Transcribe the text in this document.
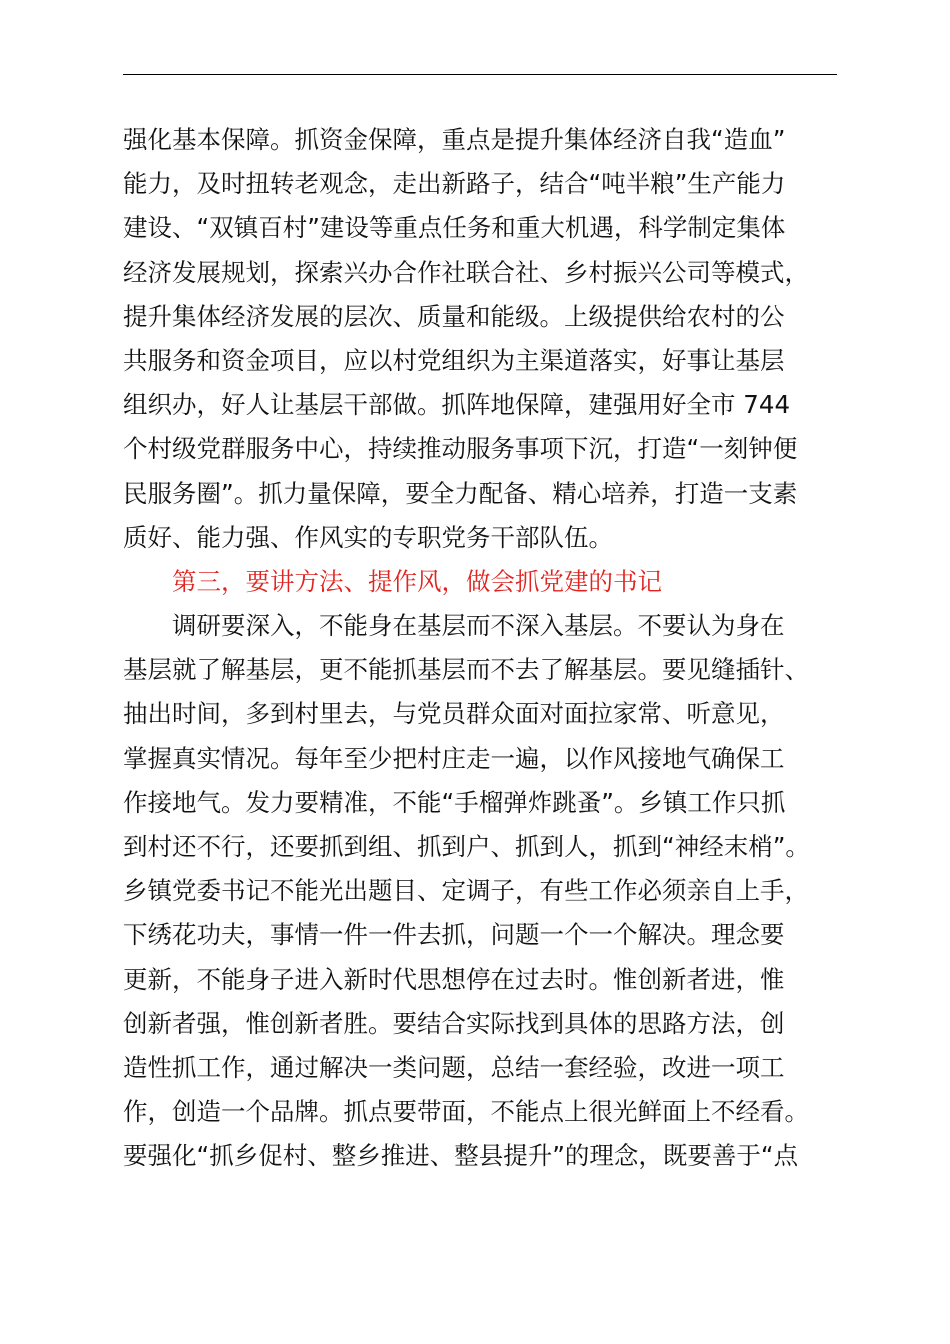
强化基本保障。抓资金保障，重点是提升集体经济自我“造血”
能力，及时扭转老观念，走出新路子，结合“吨半粮”生产能力
建设、“双镇百村”建设等重点任务和重大机遇，科学制定集体
经济发展规划，探索兴办合作社联合社、乡村振兴公司等模式，
提升集体经济发展的层次、质量和能级。上级提供给农村的公
共服务和资金项目，应以村党组织为主渠道落实，好事让基层
组织办，好人让基层干部做。抓阵地保障，建强用好全市 744
个村级党群服务中心，持续推动服务事项下沉，打造“一刻钟便
民服务圈”。抓力量保障，要全力配备、精心培养，打造一支素
质好、能力强、作风实的专职党务干部队伍。
第三，要讲方法、提作风，做会抓党建的书记
调研要深入，不能身在基层而不深入基层。不要认为身在
基层就了解基层，更不能抓基层而不去了解基层。要见缝插针、
抽出时间，多到村里去，与党员群众面对面拉家常、听意见，
掌握真实情况。每年至少把村庄走一遍，以作风接地气确保工
作接地气。发力要精准，不能“手榴弹炸跳蚤”。乡镇工作只抓
到村还不行，还要抓到组、抓到户、抓到人，抓到“神经末梢”。
乡镇党委书记不能光出题目、定调子，有些工作必须亲自上手，
下绣花功夫，事情一件一件去抓，问题一个一个解决。理念要
更新，不能身子进入新时代思想停在过去时。惟创新者进，惟
创新者强，惟创新者胜。要结合实际找到具体的思路方法，创
造性抓工作，通过解决一类问题，总结一套经验，改进一项工
作，创造一个品牌。抓点要带面，不能点上很光鲜面上不经看。
要强化“抓乡促村、整乡推进、整县提升”的理念，既要善于“点
